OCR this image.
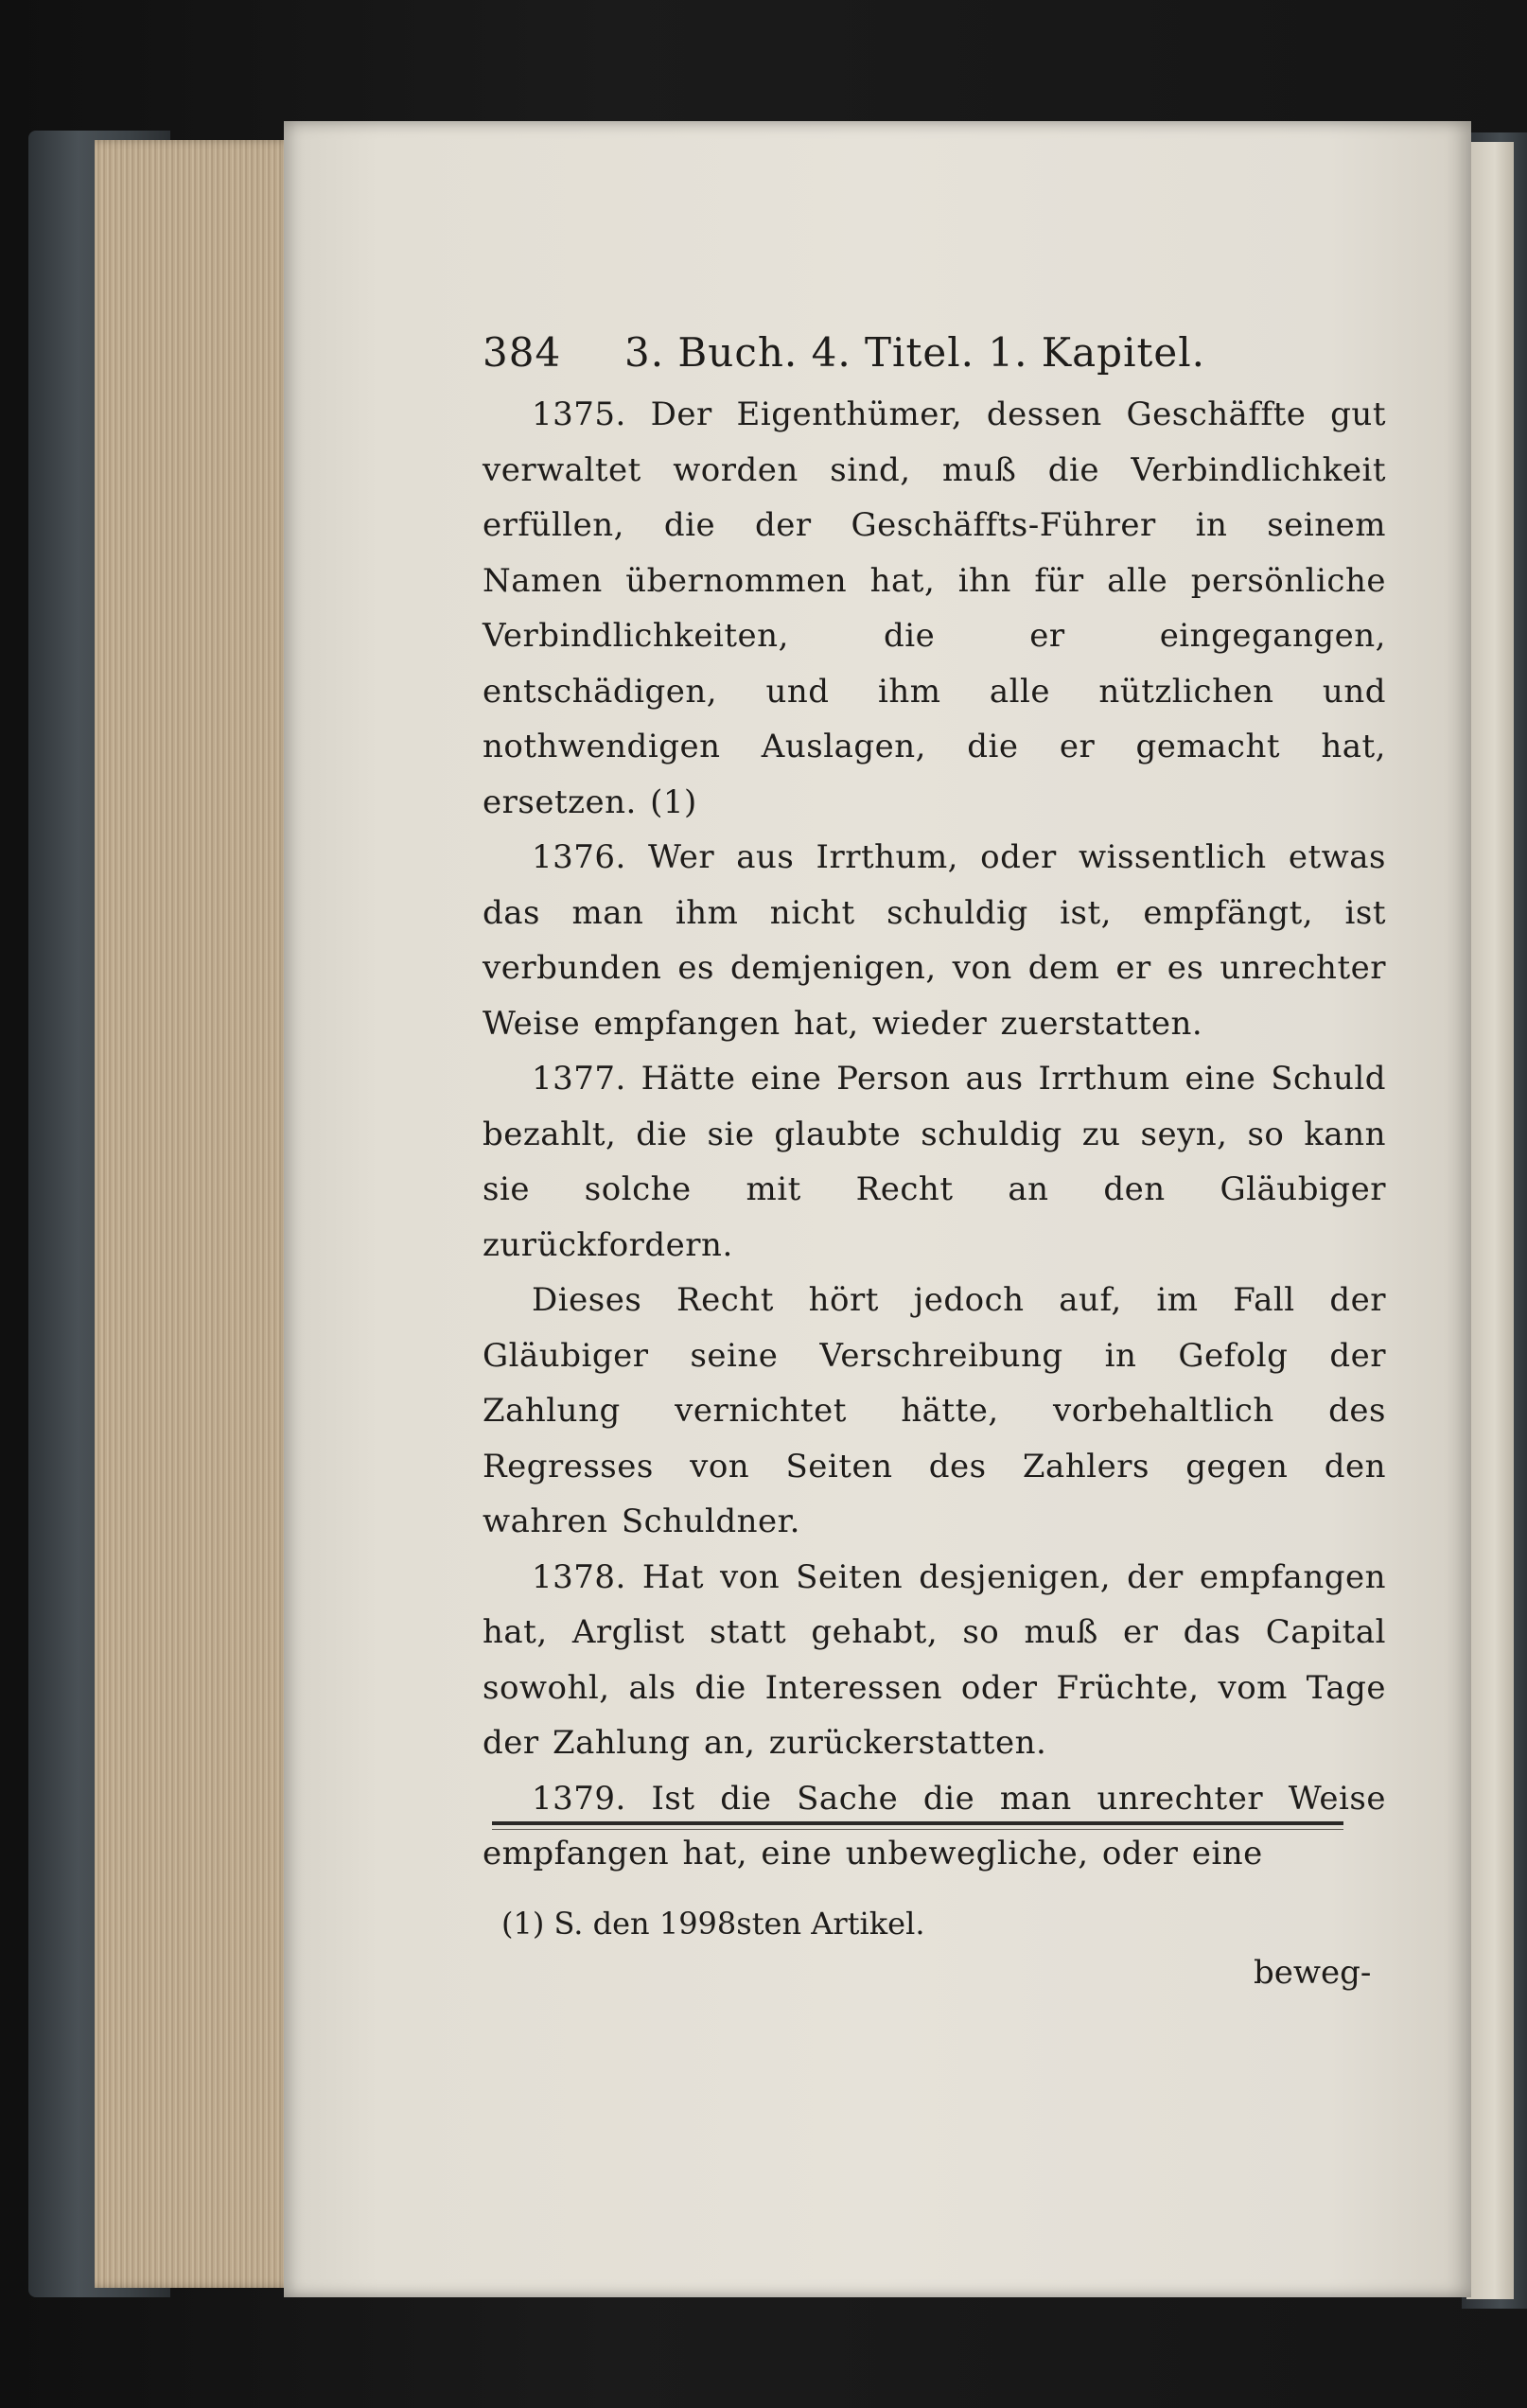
384 3. Buch. 4. Titel. 1. Kapitel.

1375. Der Eigenthümer, dessen Geschäffte gut verwaltet worden sind, muß die Verbindlichkeit erfüllen, die der Geschäffts-Führer in seinem Namen übernommen hat, ihn für alle persönliche Verbindlichkeiten, die er eingegangen, entschädigen, und ihm alle nützlichen und nothwendigen Auslagen, die er gemacht hat, ersetzen. (1)

1376. Wer aus Irrthum, oder wissentlich etwas das man ihm nicht schuldig ist, empfängt, ist verbunden es demjenigen, von dem er es unrechter Weise empfangen hat, wieder zuerstatten.

1377. Hätte eine Person aus Irrthum eine Schuld bezahlt, die sie glaubte schuldig zu seyn, so kann sie solche mit Recht an den Gläubiger zurückfordern.

Dieses Recht hört jedoch auf, im Fall der Gläubiger seine Verschreibung in Gefolg der Zahlung vernichtet hätte, vorbehaltlich des Regresses von Seiten des Zahlers gegen den wahren Schuldner.

1378. Hat von Seiten desjenigen, der empfangen hat, Arglist statt gehabt, so muß er das Capital sowohl, als die Interessen oder Früchte, vom Tage der Zahlung an, zurückerstatten.

1379. Ist die Sache die man unrechter Weise empfangen hat, eine unbewegliche, oder eine

(1) S. den 1998sten Artikel.
beweg-
